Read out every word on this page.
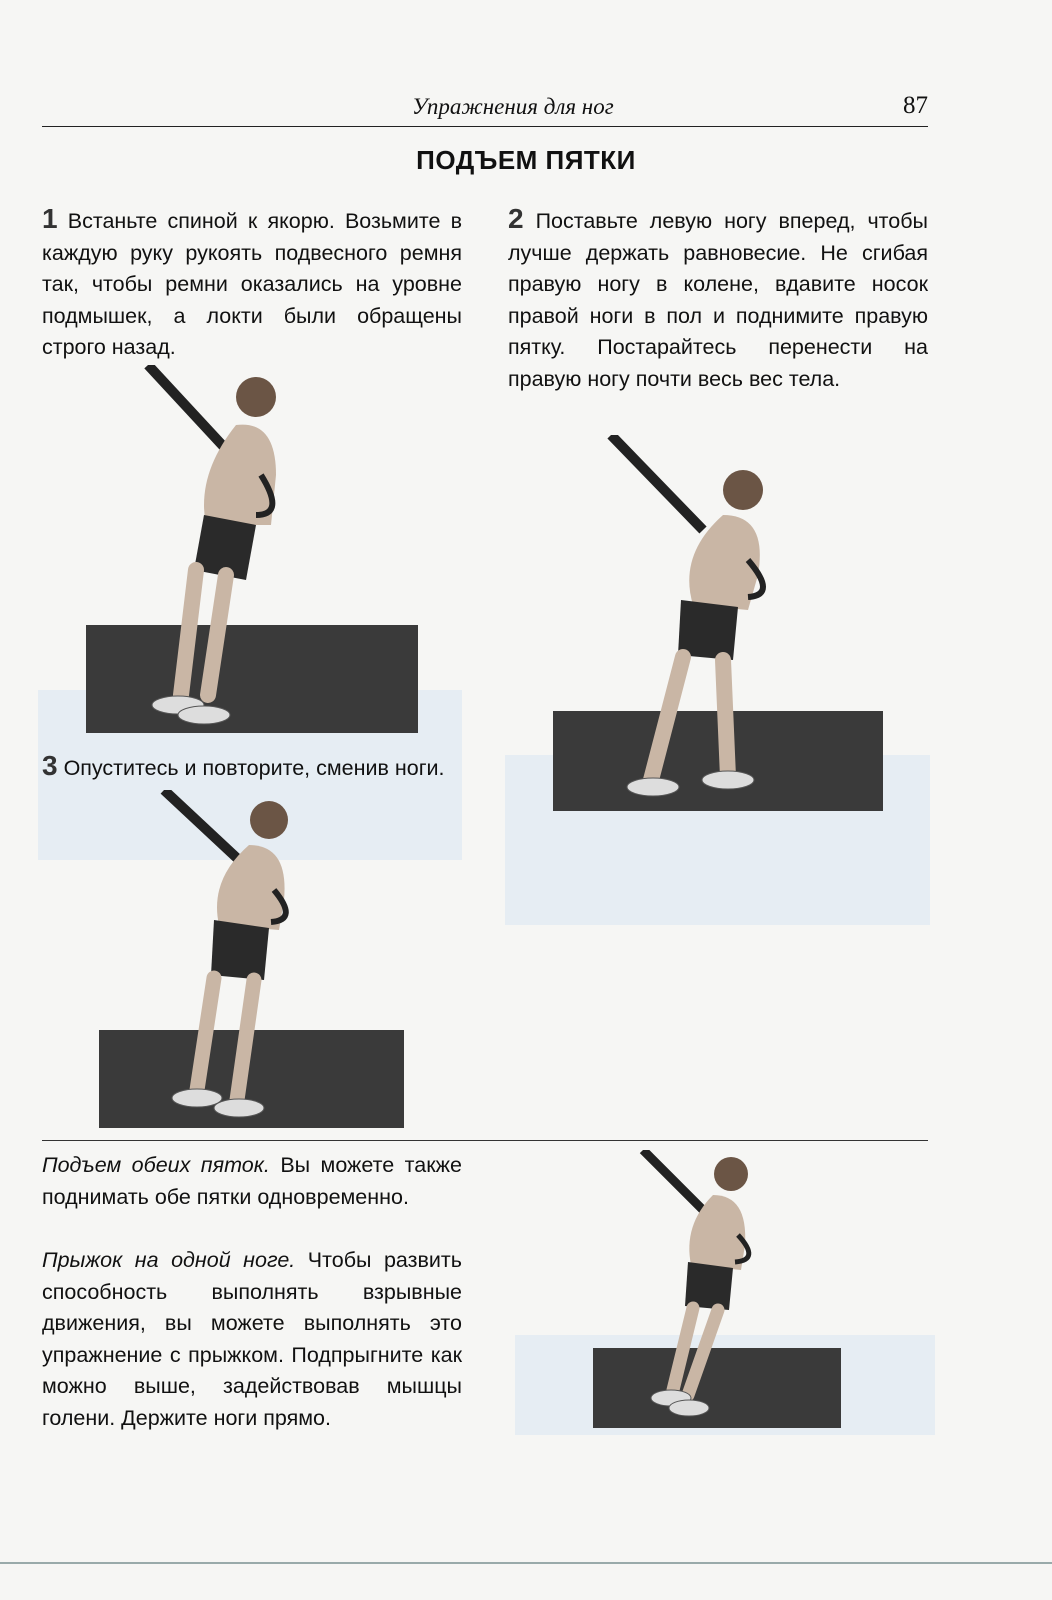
Упражнения для ног	87
ПОДЪЕМ ПЯТКИ
1 Встаньте спиной к якорю. Возьмите в каждую руку рукоять подвесного ремня так, чтобы ремни оказались на уровне подмышек, а локти были обращены строго назад.
2 Поставьте левую ногу вперед, чтобы лучше держать равновесие. Не сгибая правую ногу в колене, вдавите носок правой ноги в пол и поднимите правую пятку. Постарайтесь перенести на правую ногу почти весь вес тела.
3 Опуститесь и повторите, сменив ноги.
Подъем обеих пяток. Вы можете также поднимать обе пятки одновременно.
Прыжок на одной ноге. Чтобы развить способность выполнять взрывные движения, вы можете выполнять это упражнение с прыжком. Подпрыгните как можно выше, задействовав мышцы голени. Держите ноги прямо.
